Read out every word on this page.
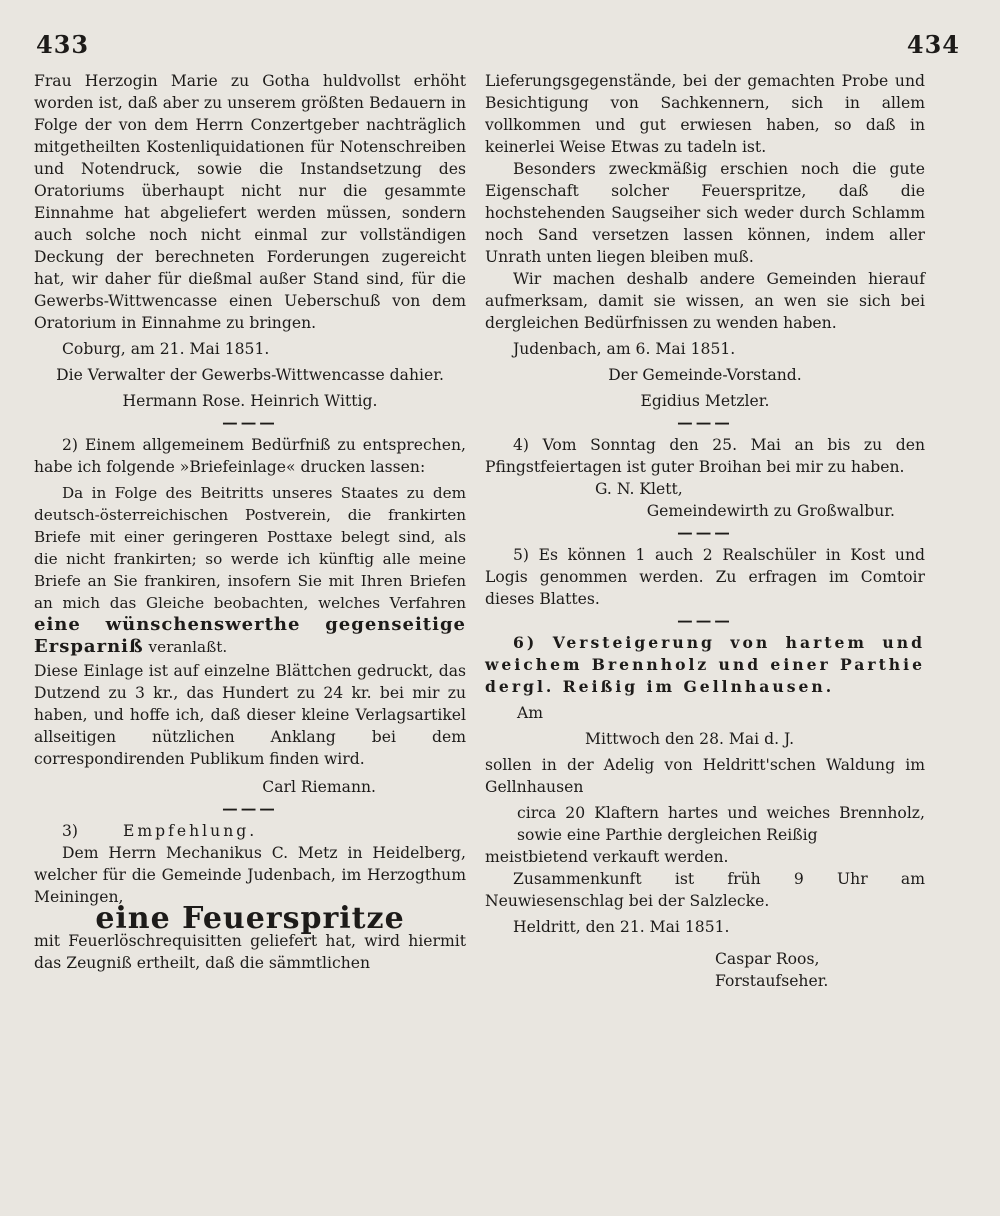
433	434

Frau Herzogin Marie zu Gotha huldvollst erhöht worden ist, daß aber zu unserem größten Bedauern in Folge der von dem Herrn Conzertgeber nachträglich mitgetheilten Kostenliquidationen für Notenschreiben und Notendruck, sowie die Instandsetzung des Oratoriums überhaupt nicht nur die gesammte Einnahme hat abgeliefert werden müssen, sondern auch solche noch nicht einmal zur vollständigen Deckung der berechneten Forderungen zugereicht hat, wir daher für dießmal außer Stand sind, für die Gewerbs-Wittwencasse einen Ueberschuß von dem Oratorium in Einnahme zu bringen.

Coburg, am 21. Mai 1851.

Die Verwalter der Gewerbs-Wittwencasse dahier.

Hermann Rose. Heinrich Wittig.

———

2) Einem allgemeinem Bedürfniß zu entsprechen, habe ich folgende »Briefeinlage« drucken lassen:

Da in Folge des Beitritts unseres Staates zu dem deutsch-österreichischen Postverein, die frankirten Briefe mit einer geringeren Posttaxe belegt sind, als die nicht frankirten; so werde ich künftig alle meine Briefe an Sie frankiren, insofern Sie mit Ihren Briefen an mich das Gleiche beobachten, welches Verfahren eine wünschenswerthe gegenseitige Ersparniß veranlaßt.

Diese Einlage ist auf einzelne Blättchen gedruckt, das Dutzend zu 3 kr., das Hundert zu 24 kr. bei mir zu haben, und hoffe ich, daß dieser kleine Verlagsartikel allseitigen nützlichen Anklang bei dem correspondirenden Publikum finden wird.

Carl Riemann.

———

3)	Empfehlung.

Dem Herrn Mechanikus C. Metz in Heidelberg, welcher für die Gemeinde Judenbach, im Herzogthum Meiningen,

eine Feuerspritze

mit Feuerlöschrequisitten geliefert hat, wird hiermit das Zeugniß ertheilt, daß die sämmtlichen

Lieferungsgegenstände, bei der gemachten Probe und Besichtigung von Sachkennern, sich in allem vollkommen und gut erwiesen haben, so daß in keinerlei Weise Etwas zu tadeln ist.

Besonders zweckmäßig erschien noch die gute Eigenschaft solcher Feuerspritze, daß die hochstehenden Saugseiher sich weder durch Schlamm noch Sand versetzen lassen können, indem aller Unrath unten liegen bleiben muß.

Wir machen deshalb andere Gemeinden hierauf aufmerksam, damit sie wissen, an wen sie sich bei dergleichen Bedürfnissen zu wenden haben.

Judenbach, am 6. Mai 1851.

Der Gemeinde-Vorstand.

Egidius Metzler.

———

4) Vom Sonntag den 25. Mai an bis zu den Pfingstfeiertagen ist guter Broihan bei mir zu haben.

G. N. Klett,

Gemeindewirth zu Großwalbur.

———

5) Es können 1 auch 2 Realschüler in Kost und Logis genommen werden. Zu erfragen im Comtoir dieses Blattes.

———

6) Versteigerung von hartem und weichem Brennholz und einer Parthie dergl. Reißig im Gellnhausen.

Am

Mittwoch den 28. Mai d. J.

sollen in der Adelig von Heldritt'schen Waldung im Gellnhausen

circa 20 Klaftern hartes und weiches Brennholz, sowie eine Parthie dergleichen Reißig

meistbietend verkauft werden.

Zusammenkunft ist früh 9 Uhr am Neuwiesenschlag bei der Salzlecke.

Heldritt, den 21. Mai 1851.

Caspar Roos,

Forstaufseher.
